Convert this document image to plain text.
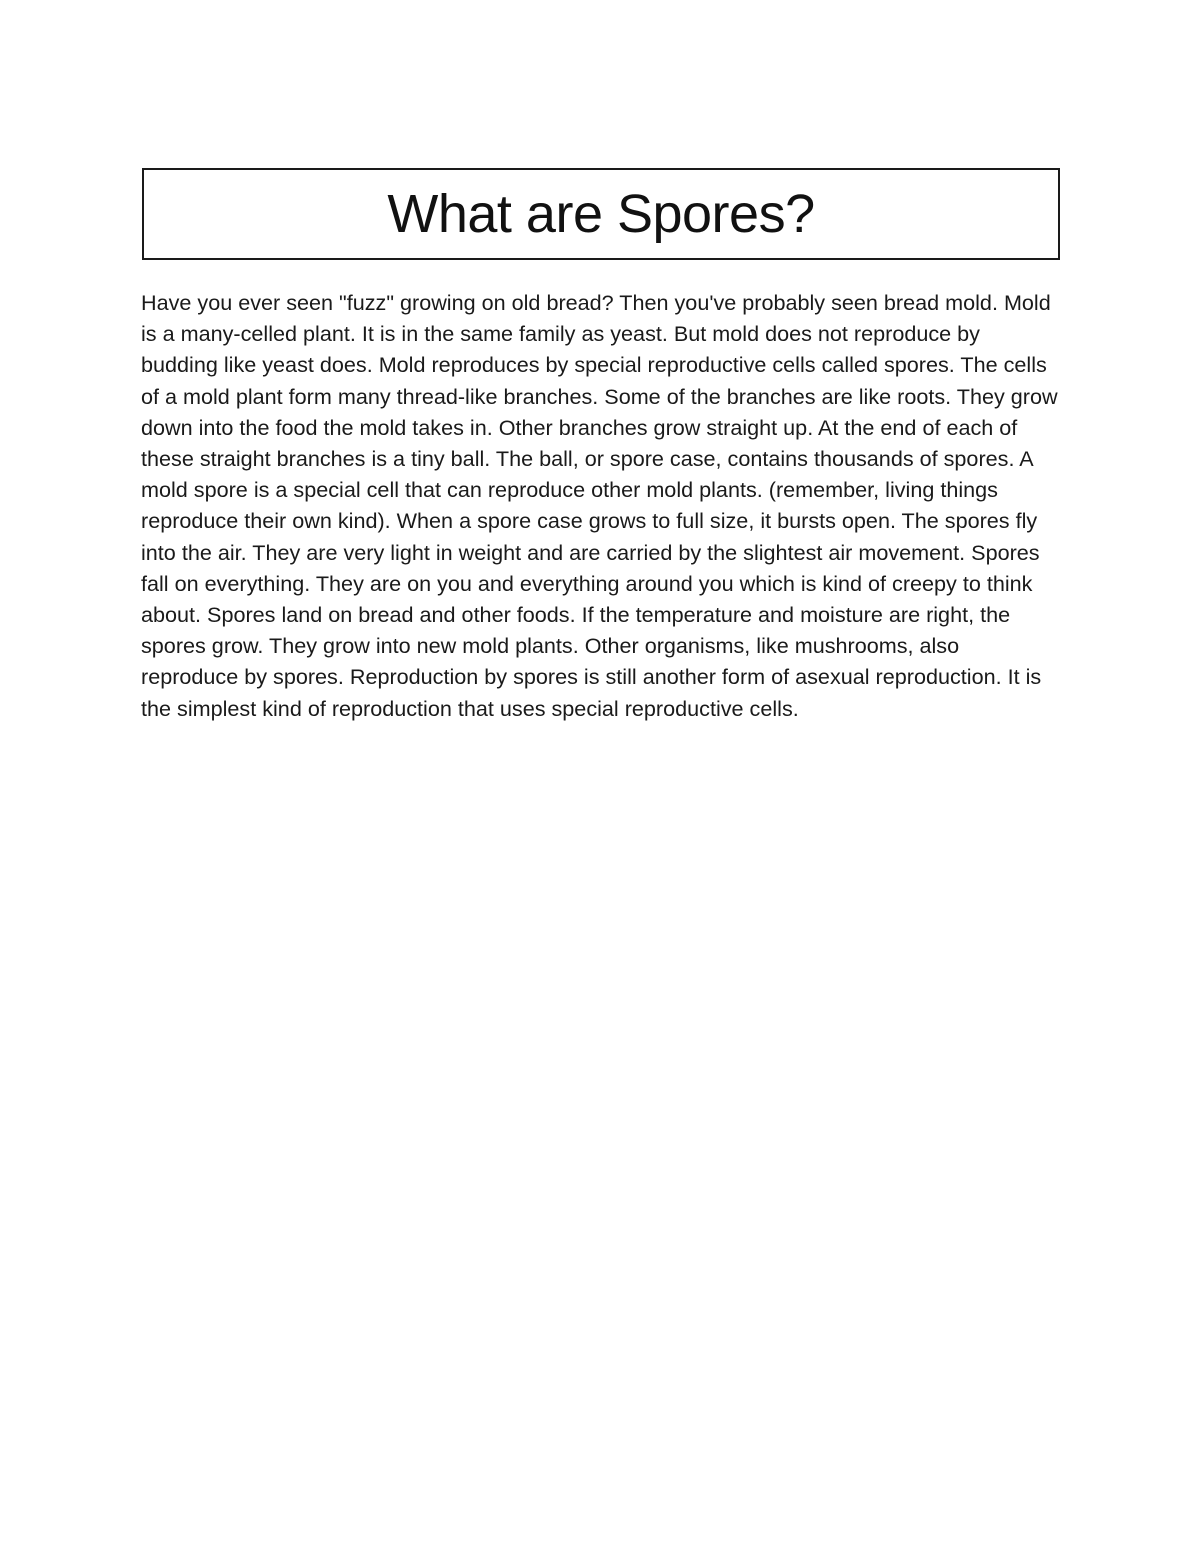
What are Spores?

Have you ever seen "fuzz" growing on old bread? Then you've probably seen bread mold. Mold is a many-celled plant. It is in the same family as yeast. But mold does not reproduce by budding like yeast does. Mold reproduces by special reproductive cells called spores. The cells of a mold plant form many thread-like branches. Some of the branches are like roots. They grow down into the food the mold takes in. Other branches grow straight up. At the end of each of these straight branches is a tiny ball. The ball, or spore case, contains thousands of spores. A mold spore is a special cell that can reproduce other mold plants. (remember, living things reproduce their own kind). When a spore case grows to full size, it bursts open. The spores fly into the air. They are very light in weight and are carried by the slightest air movement. Spores fall on everything. They are on you and everything around you which is kind of creepy to think about. Spores land on bread and other foods. If the temperature and moisture are right, the spores grow. They grow into new mold plants. Other organisms, like mushrooms, also reproduce by spores. Reproduction by spores is still another form of asexual reproduction. It is the simplest kind of reproduction that uses special reproductive cells.
